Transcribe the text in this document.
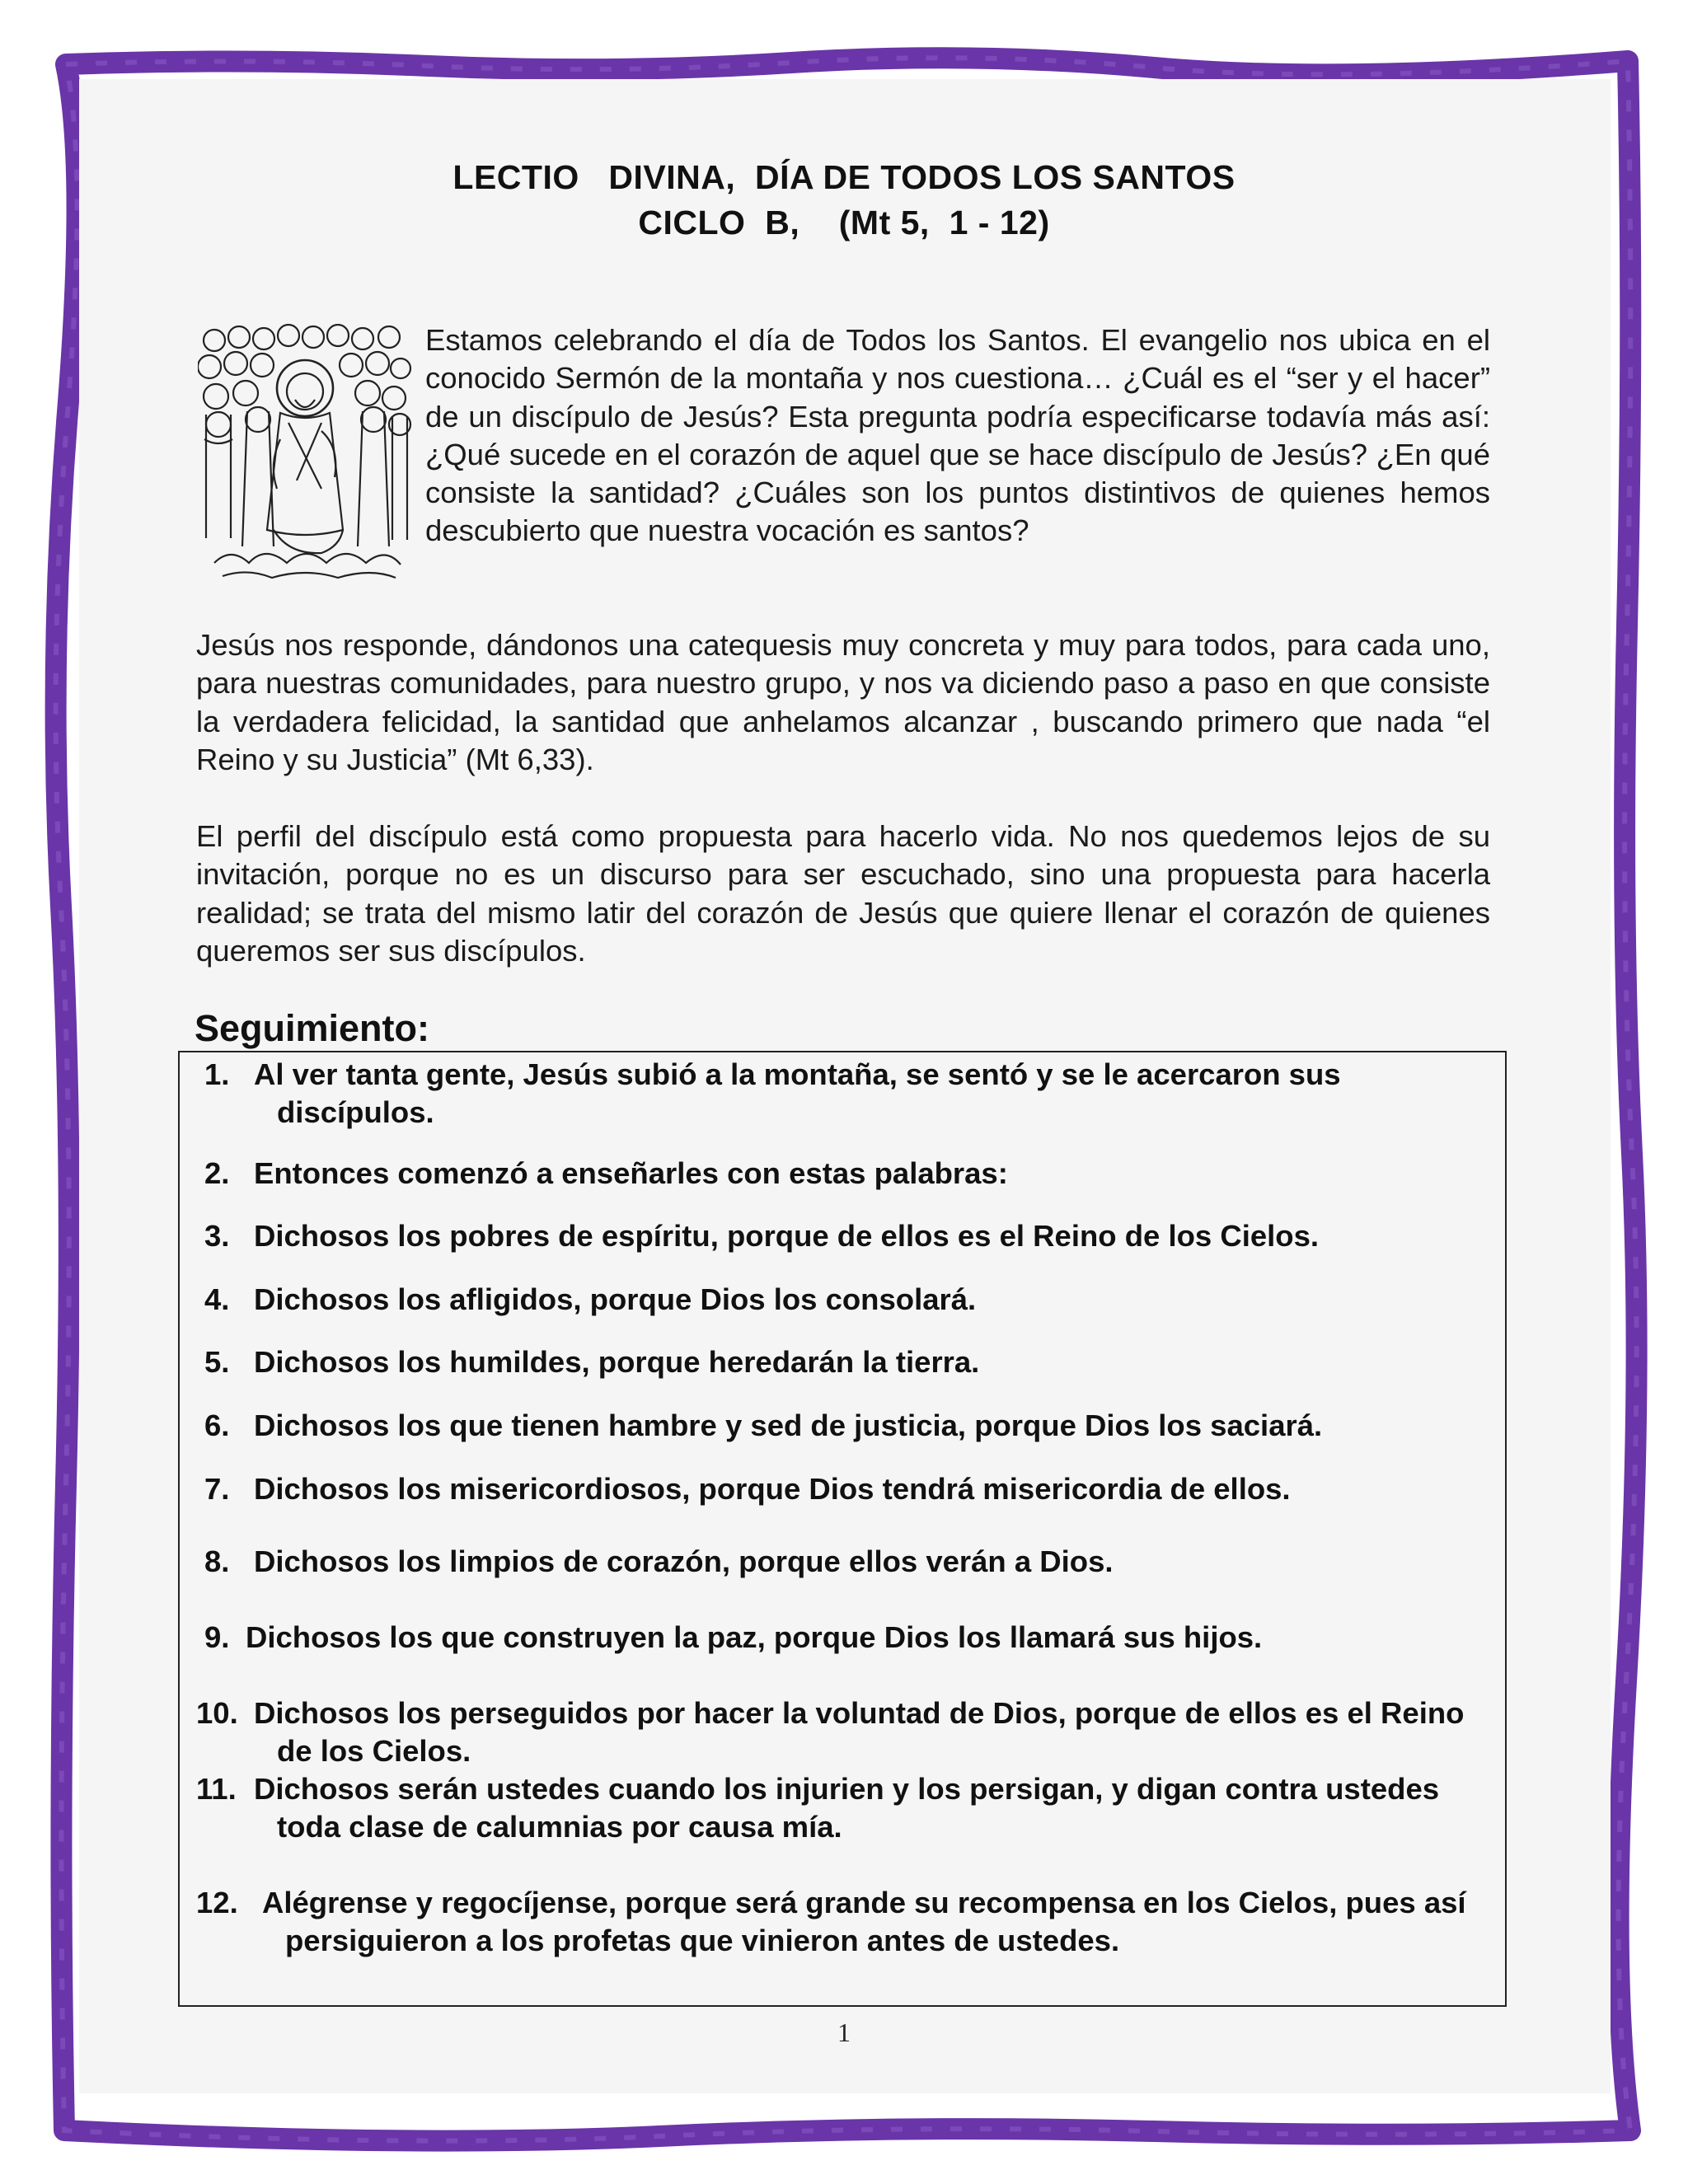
LECTIO   DIVINA,  DÍA DE TODOS LOS SANTOS
CICLO  B,    (Mt 5,  1 - 12)
Estamos celebrando el día de Todos los Santos. El evangelio nos ubica en el conocido Sermón de la montaña y nos cuestiona… ¿Cuál es el “ser y el hacer” de un discípulo de Jesús? Esta pregunta podría especificarse todavía más así: ¿Qué sucede en el corazón de aquel que se hace discípulo de Jesús? ¿En qué consiste la santidad? ¿Cuáles son los puntos distintivos de quienes hemos descubierto que nuestra vocación es santos?
Jesús nos responde, dándonos una catequesis muy concreta y muy para todos, para cada uno, para nuestras comunidades, para nuestro grupo, y nos va diciendo paso a paso en que consiste la verdadera felicidad, la santidad que anhelamos alcanzar , buscando primero que nada “el Reino y su Justicia” (Mt 6,33).
El perfil del discípulo está como propuesta para hacerlo vida. No nos quedemos lejos de su invitación, porque no es un discurso para ser escuchado, sino una propuesta para hacerla realidad; se trata del mismo latir del corazón de Jesús que quiere llenar el corazón de quienes queremos ser sus discípulos.
Seguimiento:
1. Al ver tanta gente, Jesús subió a la montaña, se sentó y se le acercaron sus discípulos.
2. Entonces comenzó a enseñarles con estas palabras:
3. Dichosos los pobres de espíritu, porque de ellos es el Reino de los Cielos.
4. Dichosos los afligidos, porque Dios los consolará.
5. Dichosos los humildes, porque heredarán la tierra.
6. Dichosos los que tienen hambre y sed de justicia, porque Dios los saciará.
7. Dichosos los misericordiosos, porque Dios tendrá misericordia de ellos.
8. Dichosos los limpios de corazón, porque ellos verán a Dios.
9. Dichosos los que construyen la paz, porque Dios los llamará sus hijos.
10. Dichosos los perseguidos por hacer la voluntad de Dios, porque de ellos es el Reino de los Cielos.
11. Dichosos serán ustedes cuando los injurien y los persigan, y digan contra ustedes toda clase de calumnias por causa mía.
12. Alégrense y regocíjense, porque será grande su recompensa en los Cielos, pues así persiguieron a los profetas que vinieron antes de ustedes.
1
